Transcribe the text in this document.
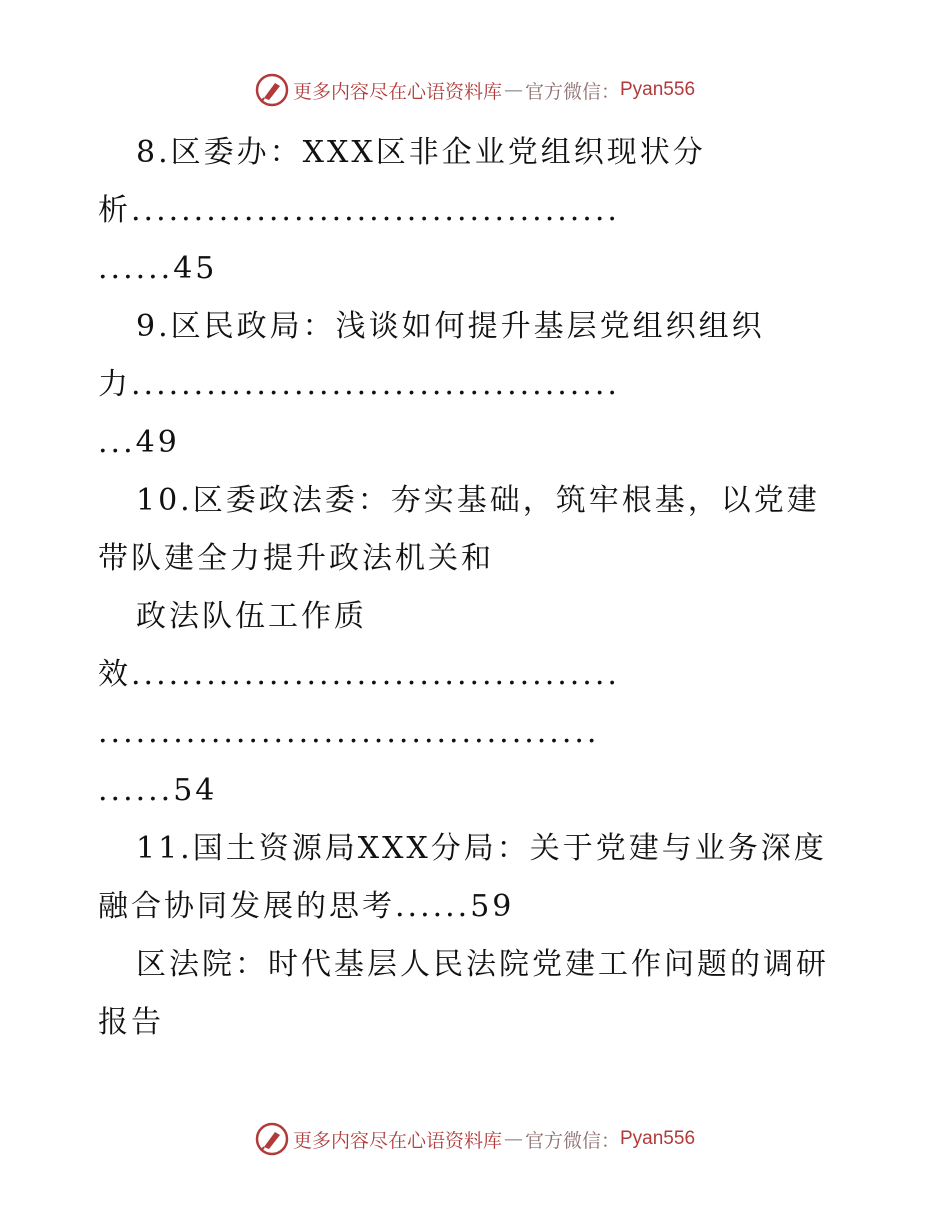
更多内容尽在心语资料库 — 官方微信： Pyan556
8.区委办：XXX区非企业党组织现状分
析.......................................
......45
9.区民政局：浅谈如何提升基层党组织组织
力.......................................
...49
10.区委政法委：夯实基础，筑牢根基，以党建
带队建全力提升政法机关和
政法队伍工作质
效.......................................
........................................
......54
11.国土资源局XXX分局：关于党建与业务深度
融合协同发展的思考......59
区法院：时代基层人民法院党建工作问题的调研
报告
更多内容尽在心语资料库 — 官方微信： Pyan556
